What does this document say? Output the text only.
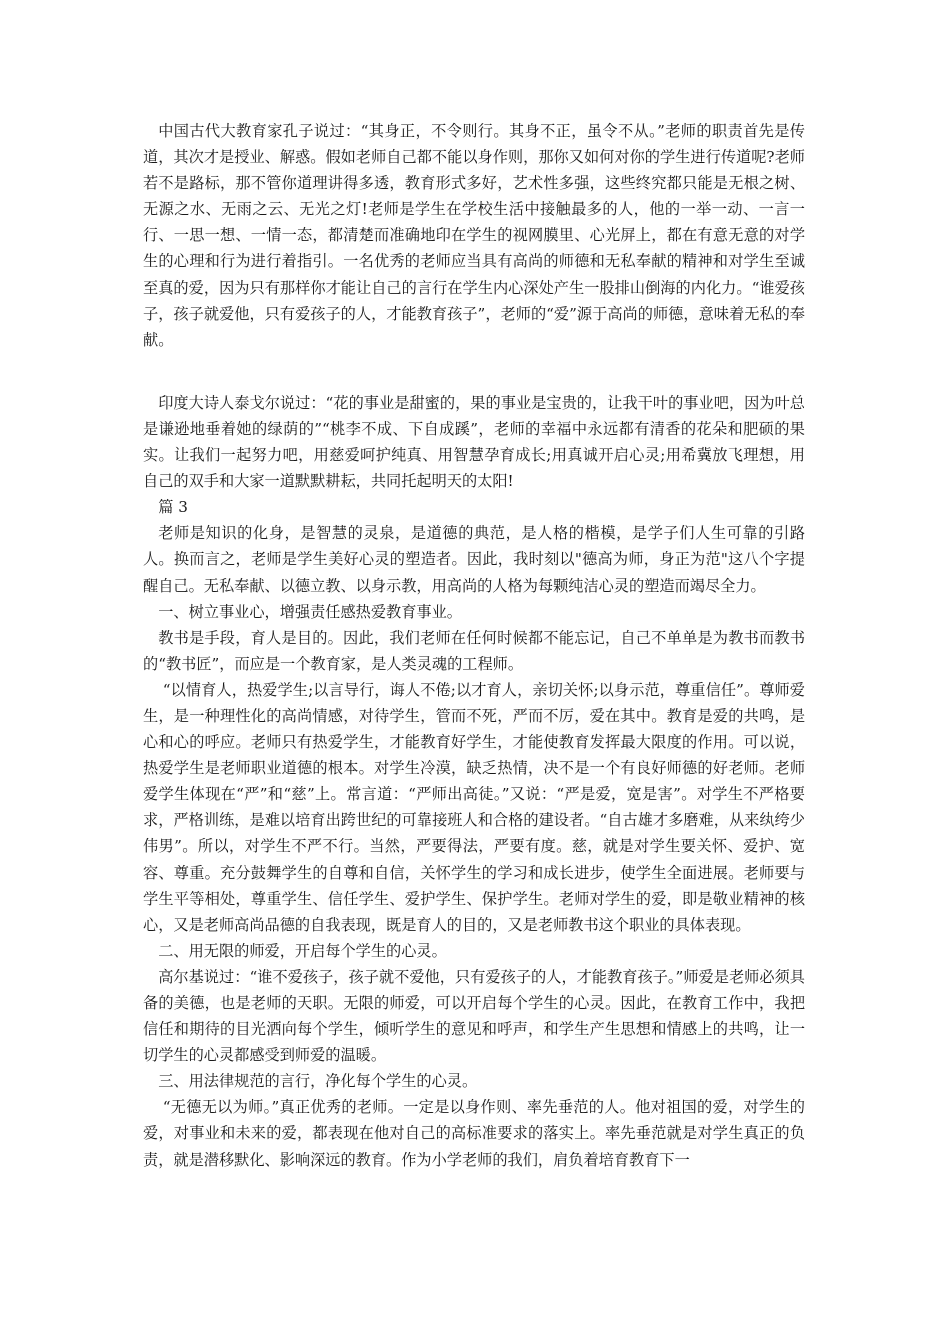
中国古代大教育家孔子说过：“其身正，不令则行。其身不正，虽令不从。”老师的职责首先是传道，其次才是授业、解惑。假如老师自己都不能以身作则，那你又如何对你的学生进行传道呢?老师若不是路标，那不管你道理讲得多透，教育形式多好，艺术性多强，这些终究都只能是无根之树、无源之水、无雨之云、无光之灯!老师是学生在学校生活中接触最多的人，他的一举一动、一言一行、一思一想、一情一态，都清楚而准确地印在学生的视网膜里、心光屏上，都在有意无意的对学生的心理和行为进行着指引。一名优秀的老师应当具有高尚的师德和无私奉献的精神和对学生至诚至真的爱，因为只有那样你才能让自己的言行在学生内心深处产生一股排山倒海的内化力。“谁爱孩子，孩子就爱他，只有爱孩子的人，才能教育孩子”，老师的“爱”源于高尚的师德，意味着无私的奉献。

印度大诗人泰戈尔说过：“花的事业是甜蜜的，果的事业是宝贵的，让我干叶的事业吧，因为叶总是谦逊地垂着她的绿荫的”“桃李不成、下自成蹊”，老师的幸福中永远都有清香的花朵和肥硕的果实。让我们一起努力吧，用慈爱呵护纯真、用智慧孕育成长;用真诚开启心灵;用希冀放飞理想，用自己的双手和大家一道默默耕耘，共同托起明天的太阳!

篇 3

老师是知识的化身，是智慧的灵泉，是道德的典范，是人格的楷模，是学子们人生可靠的引路人。换而言之，老师是学生美好心灵的塑造者。因此，我时刻以"德高为师，身正为范"这八个字提醒自己。无私奉献、以德立教、以身示教，用高尚的人格为每颗纯洁心灵的塑造而竭尽全力。

一、树立事业心，增强责任感热爱教育事业。

教书是手段，育人是目的。因此，我们老师在任何时候都不能忘记，自己不单单是为教书而教书的“教书匠”，而应是一个教育家，是人类灵魂的工程师。

“以情育人，热爱学生;以言导行，诲人不倦;以才育人，亲切关怀;以身示范，尊重信任”。尊师爱生，是一种理性化的高尚情感，对待学生，管而不死，严而不厉，爱在其中。教育是爱的共鸣，是心和心的呼应。老师只有热爱学生，才能教育好学生，才能使教育发挥最大限度的作用。可以说，热爱学生是老师职业道德的根本。对学生冷漠，缺乏热情，决不是一个有良好师德的好老师。老师爱学生体现在“严”和“慈”上。常言道：“严师出高徒。”又说：“严是爱，宽是害”。对学生不严格要求，严格训练，是难以培育出跨世纪的可靠接班人和合格的建设者。“自古雄才多磨难，从来纨绔少伟男”。所以，对学生不严不行。当然，严要得法，严要有度。慈，就是对学生要关怀、爱护、宽容、尊重。充分鼓舞学生的自尊和自信，关怀学生的学习和成长进步，使学生全面进展。老师要与学生平等相处，尊重学生、信任学生、爱护学生、保护学生。老师对学生的爱，即是敬业精神的核心，又是老师高尚品德的自我表现，既是育人的目的，又是老师教书这个职业的具体表现。

二、用无限的师爱，开启每个学生的心灵。

高尔基说过：“谁不爱孩子，孩子就不爱他，只有爱孩子的人，才能教育孩子。”师爱是老师必须具备的美德，也是老师的天职。无限的师爱，可以开启每个学生的心灵。因此，在教育工作中，我把信任和期待的目光洒向每个学生，倾听学生的意见和呼声，和学生产生思想和情感上的共鸣，让一切学生的心灵都感受到师爱的温暖。

三、用法律规范的言行，净化每个学生的心灵。

“无德无以为师。”真正优秀的老师。一定是以身作则、率先垂范的人。他对祖国的爱，对学生的爱，对事业和未来的爱，都表现在他对自己的高标准要求的落实上。率先垂范就是对学生真正的负责，就是潜移默化、影响深远的教育。作为小学老师的我们，肩负着培育教育下一
